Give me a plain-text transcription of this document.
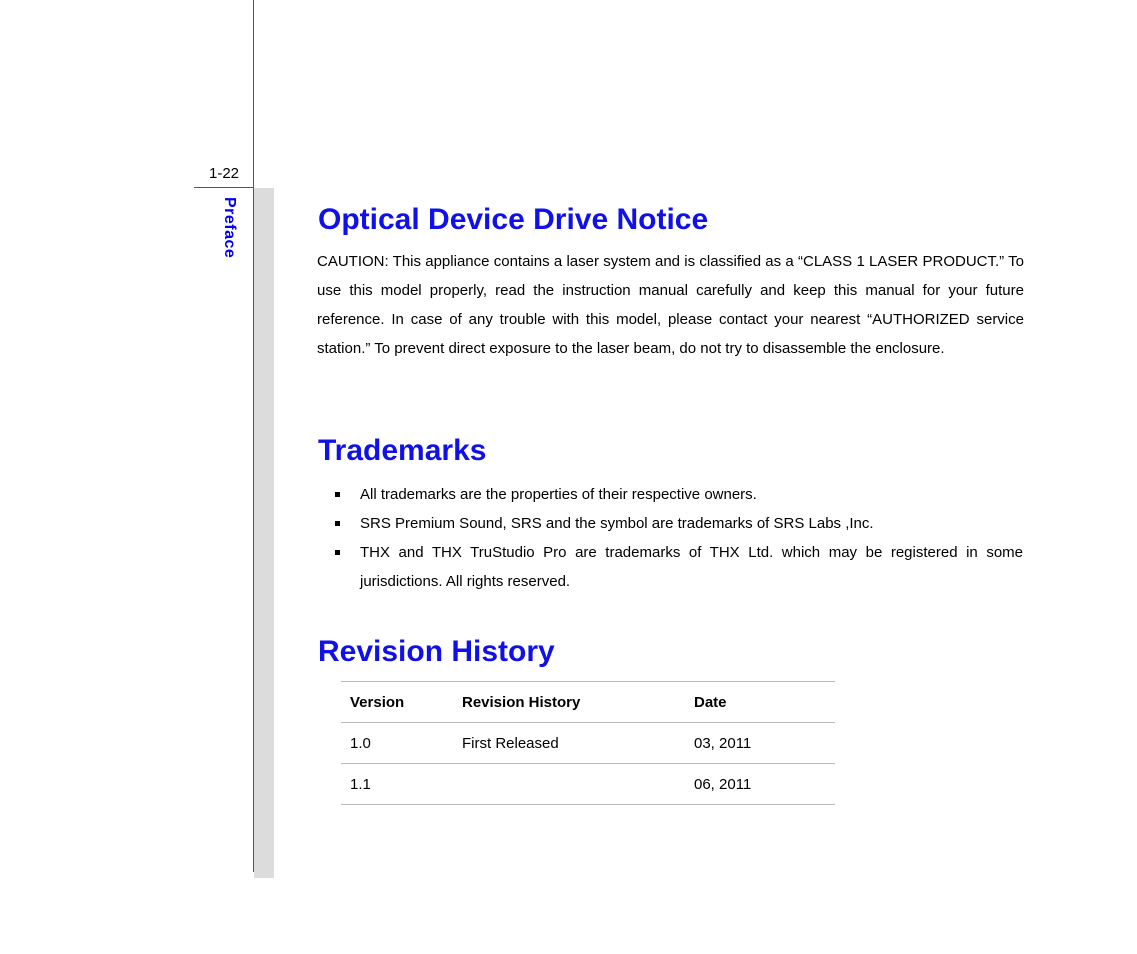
1-22
Preface	Optical Device Drive Notice

CAUTION: This appliance contains a laser system and is classified as a “CLASS 1 LASER PRODUCT.” To use this model properly, read the instruction manual carefully and keep this manual for your future reference. In case of any trouble with this model, please contact your nearest “AUTHORIZED service station.” To prevent direct exposure to the laser beam, do not try to disassemble the enclosure.

Trademarks
All trademarks are the properties of their respective owners.
SRS Premium Sound, SRS and the symbol are trademarks of SRS Labs ,Inc.
THX and THX TruStudio Pro are trademarks of THX Ltd. which may be registered in some jurisdictions. All rights reserved.
Revision History
Version	Revision History	Date
1.0	First Released	03, 2011
1.1		06, 2011
